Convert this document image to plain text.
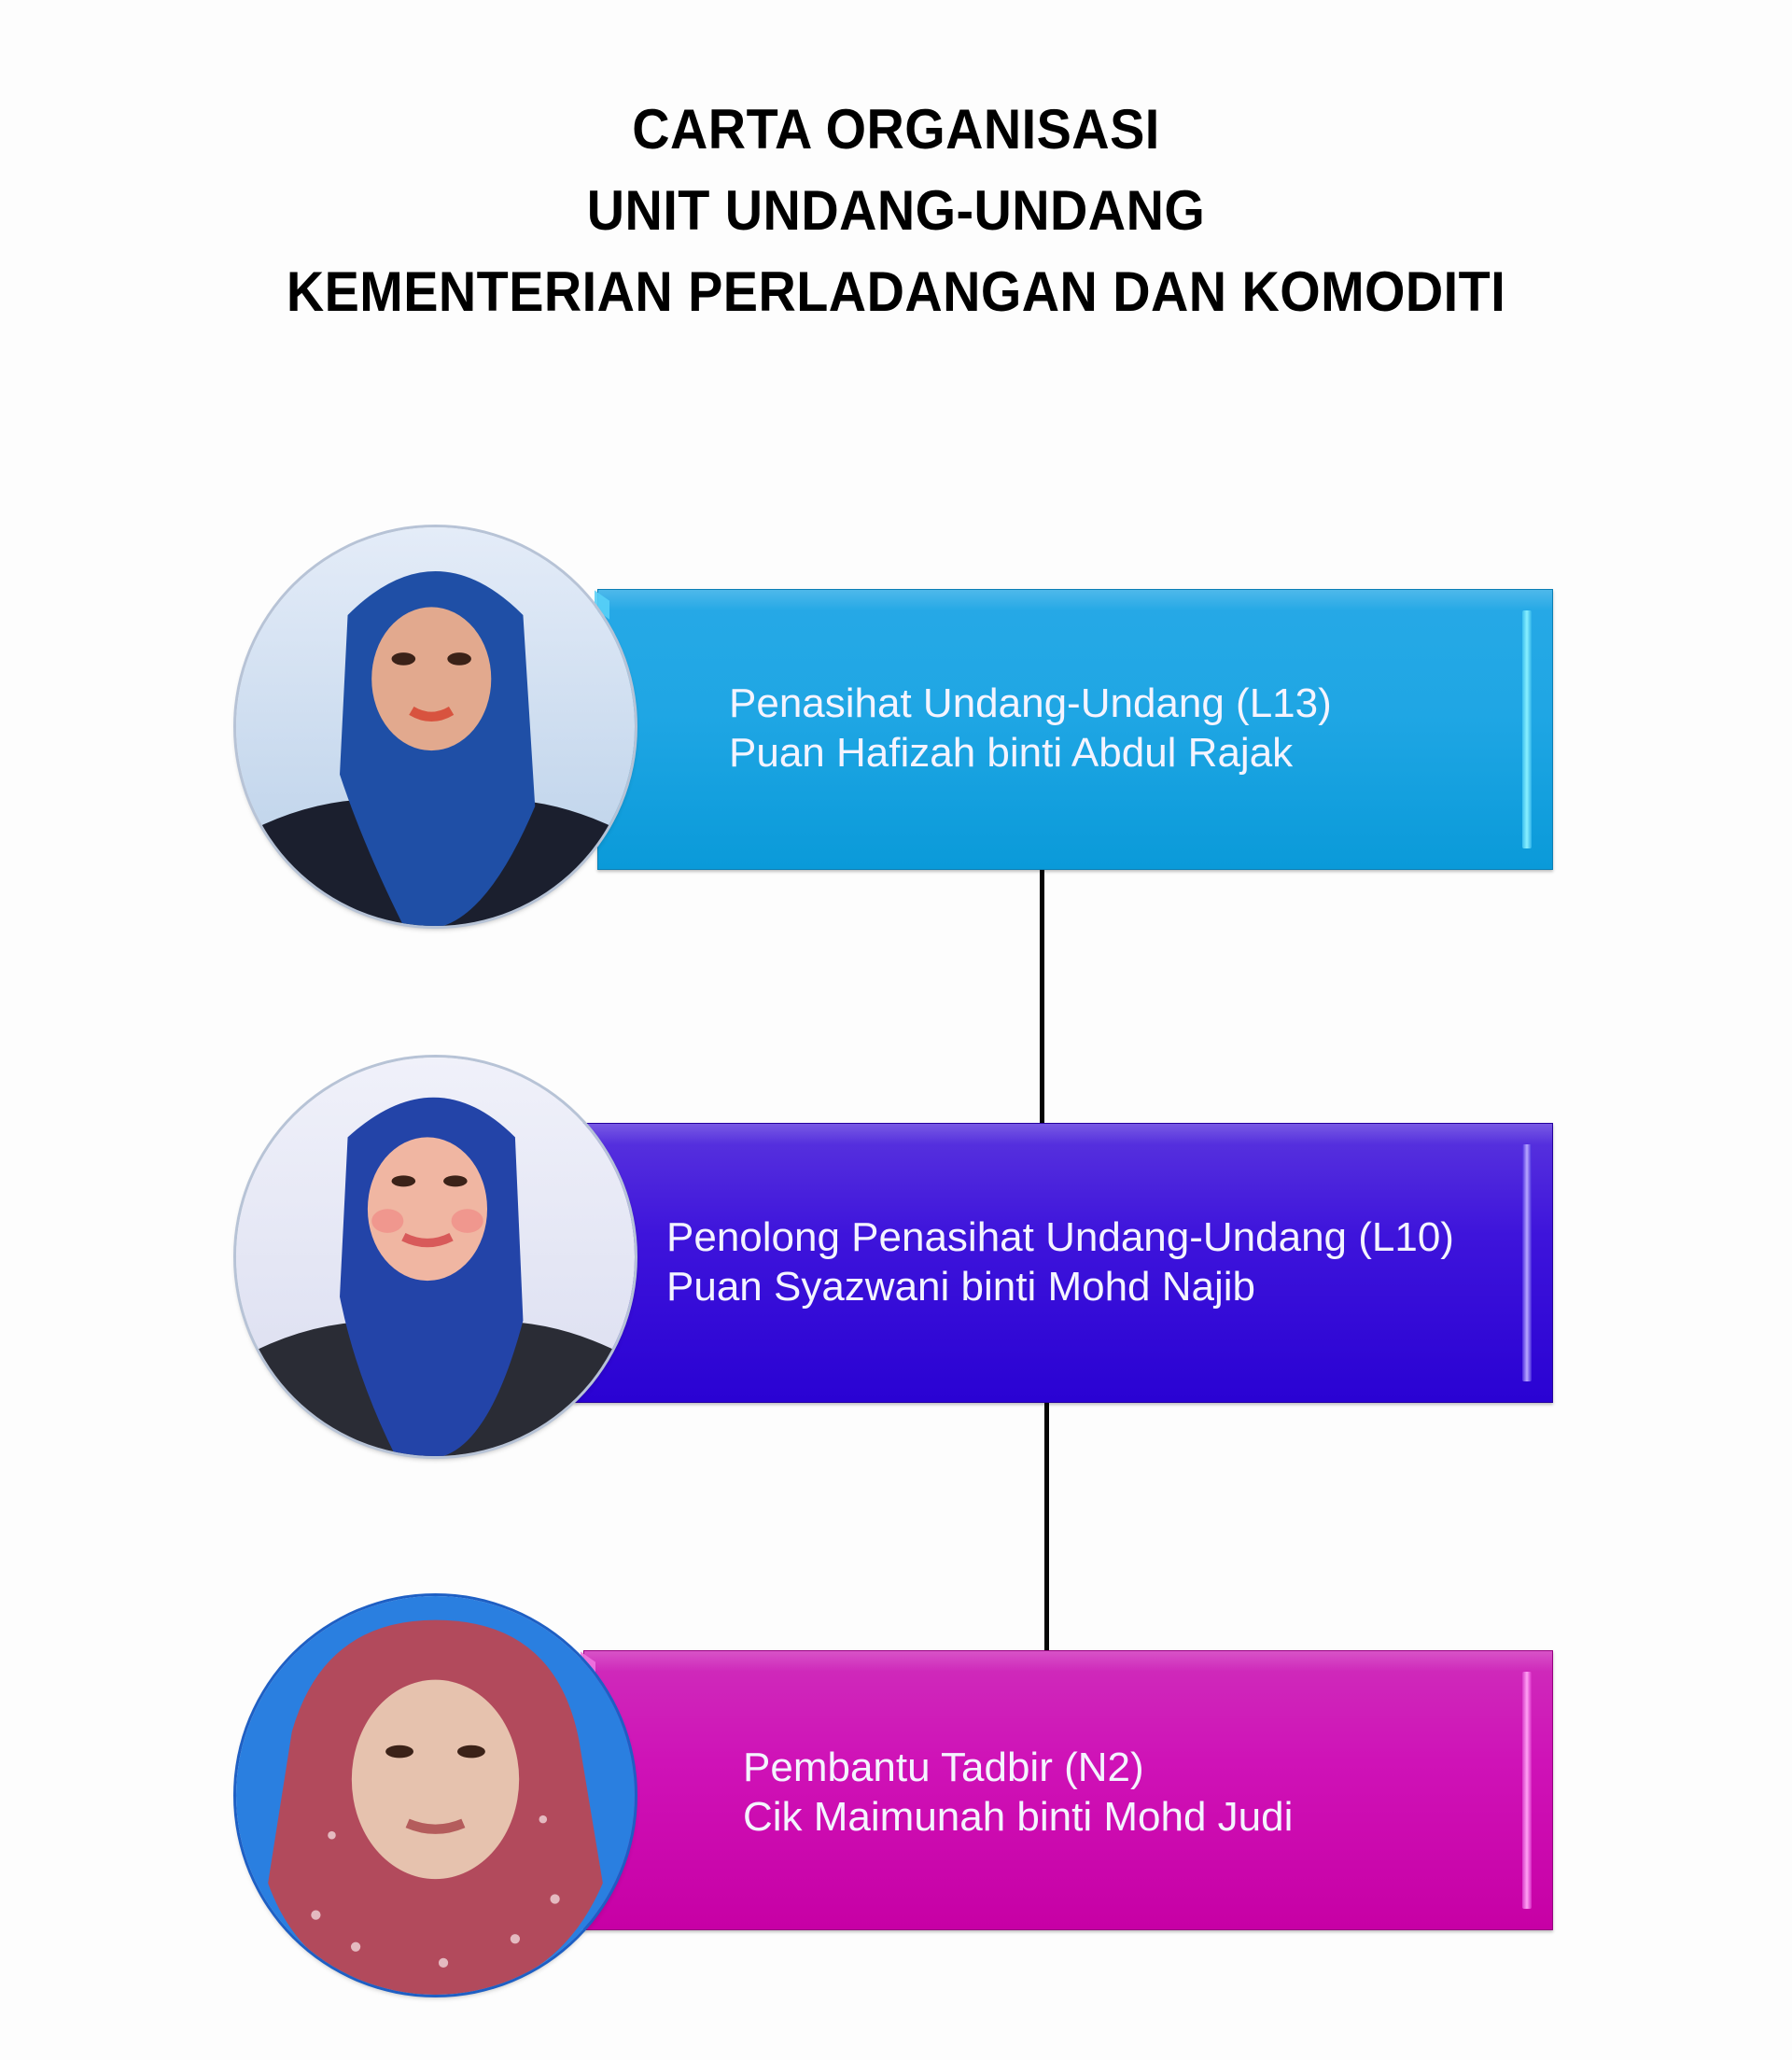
CARTA ORGANISASI
UNIT UNDANG-UNDANG
KEMENTERIAN PERLADANGAN DAN KOMODITI
Penasihat Undang-Undang (L13)
Puan Hafizah binti Abdul Rajak
Penolong Penasihat Undang-Undang (L10)
Puan Syazwani binti Mohd Najib
Pembantu Tadbir (N2)
Cik Maimunah binti Mohd Judi
